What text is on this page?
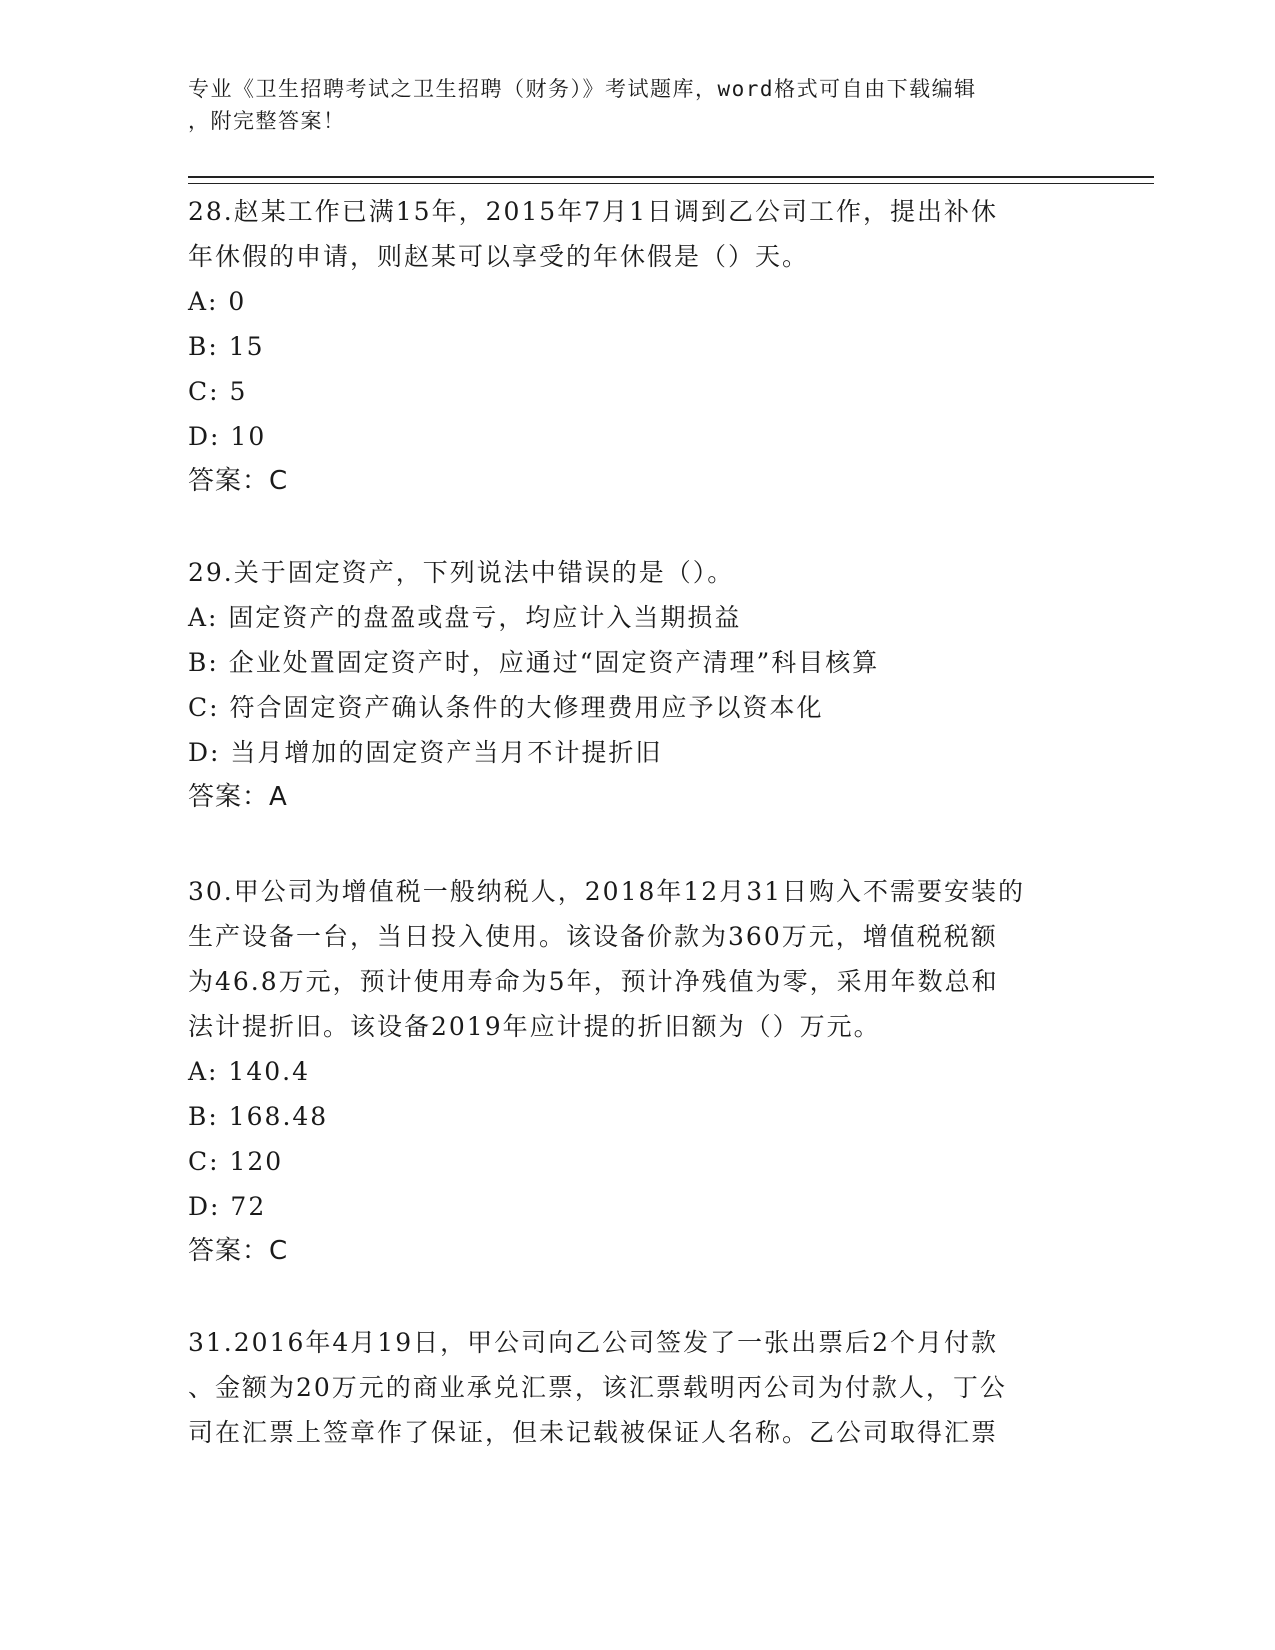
专业《卫生招聘考试之卫生招聘（财务）》考试题库，word格式可自由下载编辑
，附完整答案！
28.赵某工作已满15年，2015年7月1日调到乙公司工作，提出补休
年休假的申请，则赵某可以享受的年休假是（）天。
A: 0
B: 15
C: 5
D: 10
答案：C
29.关于固定资产，下列说法中错误的是（）。
A: 固定资产的盘盈或盘亏，均应计入当期损益
B: 企业处置固定资产时，应通过“固定资产清理”科目核算
C: 符合固定资产确认条件的大修理费用应予以资本化
D: 当月增加的固定资产当月不计提折旧
答案：A
30.甲公司为增值税一般纳税人，2018年12月31日购入不需要安装的
生产设备一台，当日投入使用。该设备价款为360万元，增值税税额
为46.8万元，预计使用寿命为5年，预计净残值为零，采用年数总和
法计提折旧。该设备2019年应计提的折旧额为（）万元。
A: 140.4
B: 168.48
C: 120
D: 72
答案：C
31.2016年4月19日，甲公司向乙公司签发了一张出票后2个月付款
、金额为20万元的商业承兑汇票，该汇票载明丙公司为付款人，丁公
司在汇票上签章作了保证，但未记载被保证人名称。乙公司取得汇票
